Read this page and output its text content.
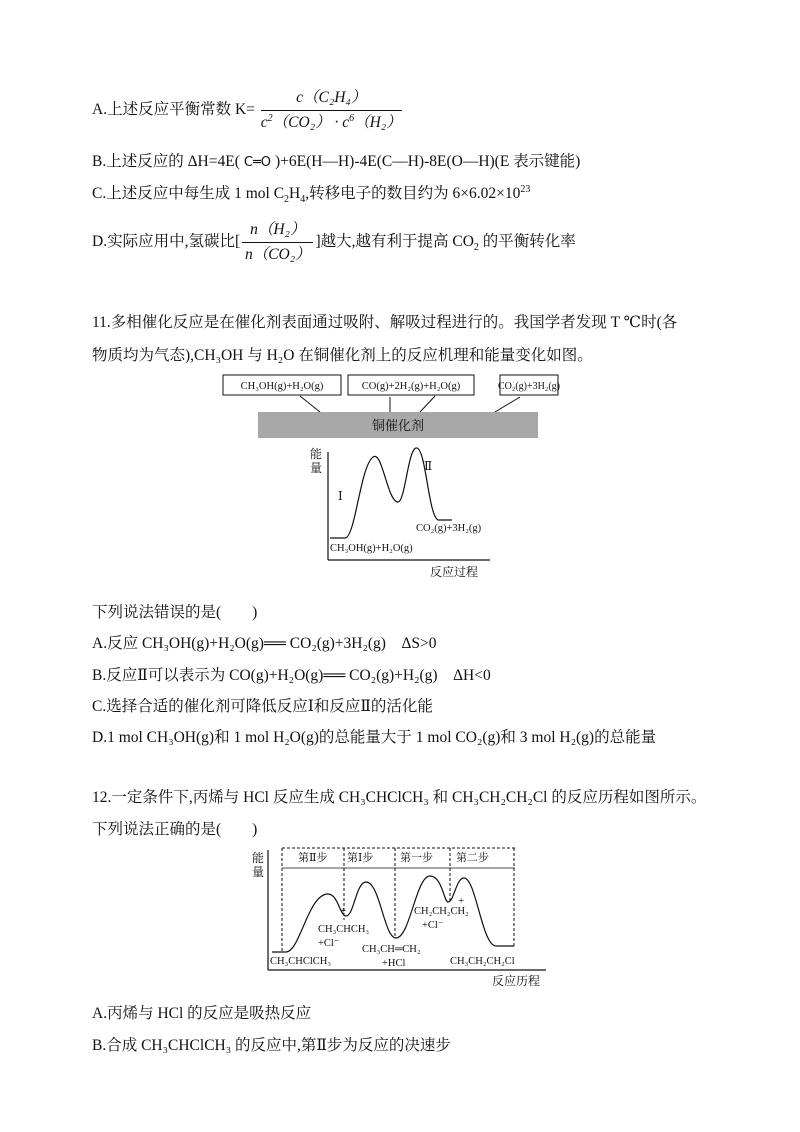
A.上述反应平衡常数 $K= \frac{\text{c（C₂H₄）}}{c^2(CO_2) \cdot c^6(H_2)}$
B.上述反应的 ΔH=4E( C═O )+6E(H—H)-4E(C—H)-8E(O—H)(E 表示键能)
C.上述反应中每生成 1 mol $C_2H_4$,转移电子的数目约为 $6\times 6.02\times 10^{23}$
D.实际应用中,氢碳比[ $\frac{\text{n（H₂）}}{\text{n（CO₂）}}$ ]越大,越有利于提高 $CO_2$ 的平衡转化率
11.多相催化反应是在催化剂表面通过吸附、解吸过程进行的。我国学者发现 T ℃时(各
物质均为气态),CH₃OH 与 H₂O 在铜催化剂上的反应机理和能量变化如图。
CH₃OH(g)+H₂O(g)	CO(g)+2H₂(g)+H₂O(g)	CO₂(g)+3H₂(g)
铜催化剂
能
量
Ⅰ
Ⅱ
CO₂(g)+3H₂(g)
CH₃OH(g)+H₂O(g)
反应过程
下列说法错误的是(　　)
A.反应 CH₃OH(g)+H₂O(g)══ CO₂(g)+3H₂(g)　ΔS>0
B.反应Ⅱ可以表示为 CO(g)+H₂O(g)══ CO₂(g)+H₂(g)　ΔH<0
C.选择合适的催化剂可降低反应Ⅰ和反应Ⅱ的活化能
D.1 mol CH₃OH(g)和 1 mol H₂O(g)的总能量大于 1 mol CO₂(g)和 3 mol H₂(g)的总能量
12.一定条件下,丙烯与 HCl 反应生成 CH₃CHClCH₃ 和 CH₃CH₂CH₂Cl 的反应历程如图所示。
下列说法正确的是(　　)
能
量
第Ⅱ步 第Ⅰ步 第一步 第二步
+
CH₃CHCH₃
+Cl⁻
+
CH₂CH₂CH₂
+Cl⁻
CH₃CHClCH₃
CH₃CH═CH₂
+HCl	CH₃CH₂CH₂Cl
反应历程
A.丙烯与 HCl 的反应是吸热反应
B.合成 CH₃CHClCH₃ 的反应中,第Ⅱ步为反应的决速步
